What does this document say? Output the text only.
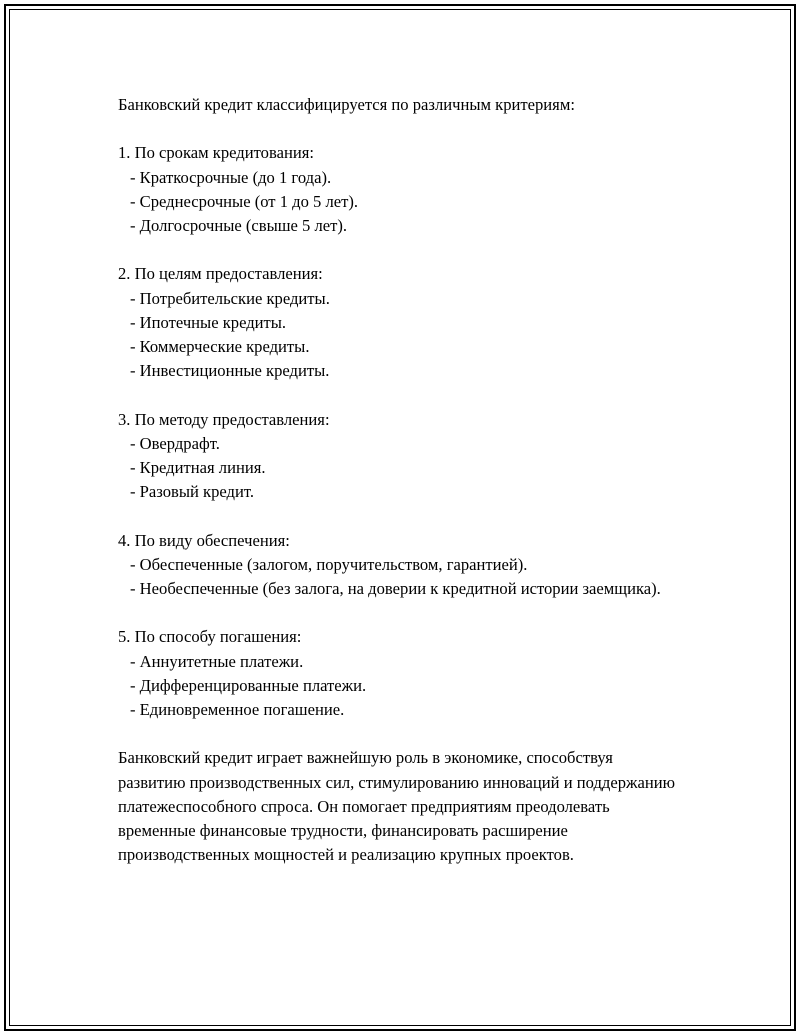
Банковский кредит классифицируется по различным критериям:

1. По срокам кредитования:

- Краткосрочные (до 1 года).

- Среднесрочные (от 1 до 5 лет).

- Долгосрочные (свыше 5 лет).

2. По целям предоставления:

- Потребительские кредиты.

- Ипотечные кредиты.

- Коммерческие кредиты.

- Инвестиционные кредиты.

3. По методу предоставления:

- Овердрафт.

- Кредитная линия.

- Разовый кредит.

4. По виду обеспечения:

- Обеспеченные (залогом, поручительством, гарантией).

- Необеспеченные (без залога, на доверии к кредитной истории заемщика).

5. По способу погашения:

- Аннуитетные платежи.

- Дифференцированные платежи.

- Единовременное погашение.

Банковский кредит играет важнейшую роль в экономике, способствуя развитию производственных сил, стимулированию инноваций и поддержанию платежеспособного спроса. Он помогает предприятиям преодолевать временные финансовые трудности, финансировать расширение производственных мощностей и реализацию крупных проектов.
